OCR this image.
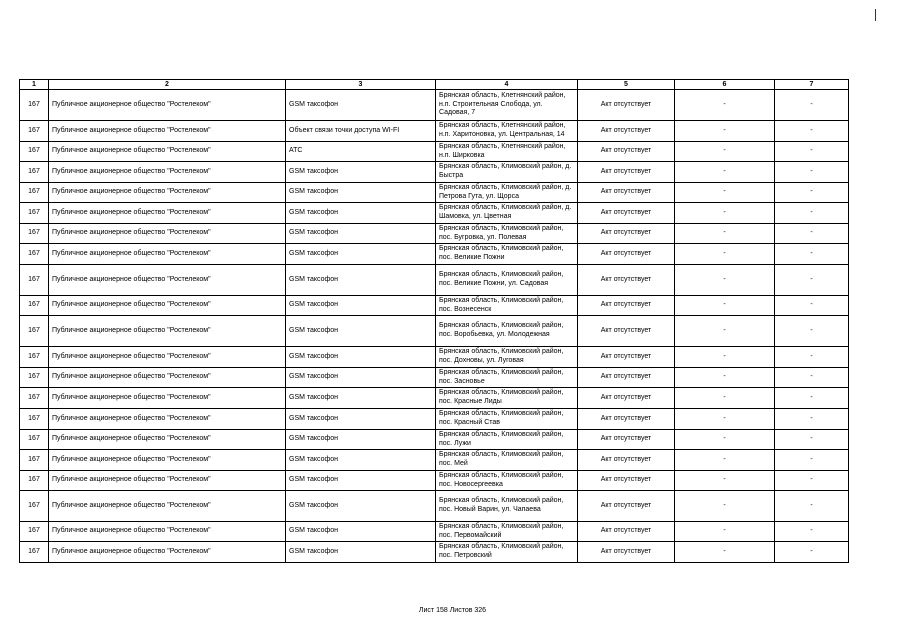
1	2	3	4	5	6	7
167	Публичное акционерное общество "Ростелеком"	GSM таксофон	Брянская область, Клетнянский район, н.п. Строительная Слобода, ул. Садовая, 7	Акт отсутствует	-	-
167	Публичное акционерное общество "Ростелеком"	Объект связи точки доступа WI-FI	Брянская область, Клетнянский район, н.п. Харитоновка, ул. Центральная, 14	Акт отсутствует	-	-
167	Публичное акционерное общество "Ростелеком"	АТС	Брянская область, Клетнянский район, н.п. Ширковка	Акт отсутствует	-	-
167	Публичное акционерное общество "Ростелеком"	GSM таксофон	Брянская область, Климовский район, д. Быстра	Акт отсутствует	-	-
167	Публичное акционерное общество "Ростелеком"	GSM таксофон	Брянская область, Климовский район, д. Петрова Гута, ул. Щорса	Акт отсутствует	-	-
167	Публичное акционерное общество "Ростелеком"	GSM таксофон	Брянская область, Климовский район, д. Шамовка, ул. Цветная	Акт отсутствует	-	-
167	Публичное акционерное общество "Ростелеком"	GSM таксофон	Брянская область, Климовский район, пос. Бугровка, ул. Полевая	Акт отсутствует	-	-
167	Публичное акционерное общество "Ростелеком"	GSM таксофон	Брянская область, Климовский район, пос. Великие Пожни	Акт отсутствует	-	-
167	Публичное акционерное общество "Ростелеком"	GSM таксофон	Брянская область, Климовский район, пос. Великие Пожни, ул. Садовая	Акт отсутствует	-	-
167	Публичное акционерное общество "Ростелеком"	GSM таксофон	Брянская область, Климовский район, пос. Вознесенск	Акт отсутствует	-	-
167	Публичное акционерное общество "Ростелеком"	GSM таксофон	Брянская область, Климовский район, пос. Воробьевка, ул. Молодежная	Акт отсутствует	-	-
167	Публичное акционерное общество "Ростелеком"	GSM таксофон	Брянская область, Климовский район, пос. Дохновы, ул. Луговая	Акт отсутствует	-	-
167	Публичное акционерное общество "Ростелеком"	GSM таксофон	Брянская область, Климовский район, пос. Засновье	Акт отсутствует	-	-
167	Публичное акционерное общество "Ростелеком"	GSM таксофон	Брянская область, Климовский район, пос. Красные Лиды	Акт отсутствует	-	-
167	Публичное акционерное общество "Ростелеком"	GSM таксофон	Брянская область, Климовский район, пос. Красный Став	Акт отсутствует	-	-
167	Публичное акционерное общество "Ростелеком"	GSM таксофон	Брянская область, Климовский район, пос. Лужи	Акт отсутствует	-	-
167	Публичное акционерное общество "Ростелеком"	GSM таксофон	Брянская область, Климовский район, пос. Мей	Акт отсутствует	-	-
167	Публичное акционерное общество "Ростелеком"	GSM таксофон	Брянская область, Климовский район, пос. Новосергеевка	Акт отсутствует	-	-
167	Публичное акционерное общество "Ростелеком"	GSM таксофон	Брянская область, Климовский район, пос. Новый Варин, ул. Чапаева	Акт отсутствует	-	-
167	Публичное акционерное общество "Ростелеком"	GSM таксофон	Брянская область, Климовский район, пос. Первомайский	Акт отсутствует	-	-
167	Публичное акционерное общество "Ростелеком"	GSM таксофон	Брянская область, Климовский район, пос. Петровский	Акт отсутствует	-	-
Лист 158 Листов 326
